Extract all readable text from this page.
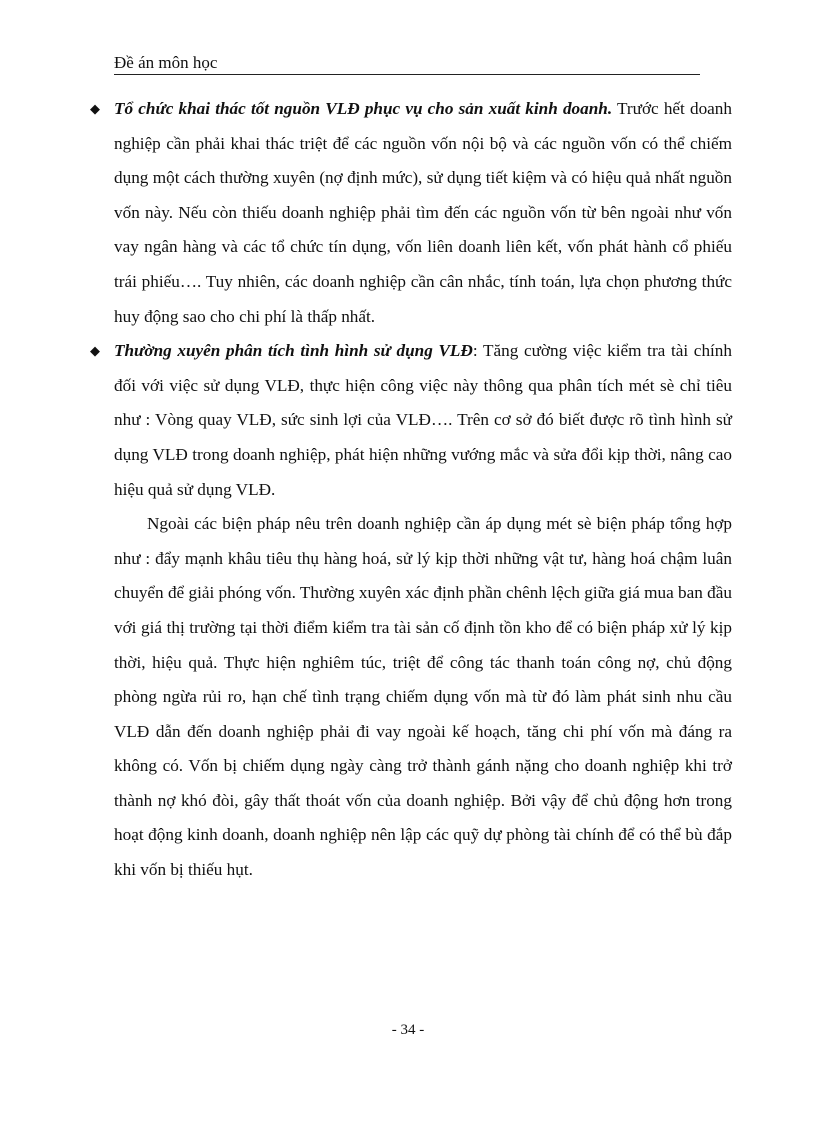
Đề án môn học
◆ Tổ chức khai thác tốt nguồn VLĐ phục vụ cho sản xuất kinh doanh. Trước hết doanh nghiệp cần phải khai thác triệt để các nguồn vốn nội bộ và các nguồn vốn có thể chiếm dụng một cách thường xuyên (nợ định mức), sử dụng tiết kiệm và có hiệu quả nhất nguồn vốn này. Nếu còn thiếu doanh nghiệp phải tìm đến các nguồn vốn từ bên ngoài như vốn vay ngân hàng và các tổ chức tín dụng, vốn liên doanh liên kết, vốn phát hành cổ phiếu trái phiếu…. Tuy nhiên, các doanh nghiệp cần cân nhắc, tính toán, lựa chọn phương thức huy động sao cho chi phí là thấp nhất.
◆ Thường xuyên phân tích tình hình sử dụng VLĐ: Tăng cường việc kiểm tra tài chính đối với việc sử dụng VLĐ, thực hiện công việc này thông qua phân tích mét sè chỉ tiêu như : Vòng quay VLĐ, sức sinh lợi của VLĐ…. Trên cơ sở đó biết được rõ tình hình sử dụng VLĐ trong doanh nghiệp, phát hiện những vướng mắc và sửa đổi kịp thời, nâng cao hiệu quả sử dụng VLĐ.

Ngoài các biện pháp nêu trên doanh nghiệp cần áp dụng mét sè biện pháp tổng hợp như : đẩy mạnh khâu tiêu thụ hàng hoá, sử lý kịp thời những vật tư, hàng hoá chậm luân chuyển để giải phóng vốn. Thường xuyên xác định phần chênh lệch giữa giá mua ban đầu với giá thị trường tại thời điểm kiểm tra tài sản cố định tồn kho để có biện pháp xử lý kịp thời, hiệu quả. Thực hiện nghiêm túc, triệt để công tác thanh toán công nợ, chủ động phòng ngừa rủi ro, hạn chế tình trạng chiếm dụng vốn mà từ đó làm phát sinh nhu cầu VLĐ dẫn đến doanh nghiệp phải đi vay ngoài kế hoạch, tăng chi phí vốn mà đáng ra không có. Vốn bị chiếm dụng ngày càng trở thành gánh nặng cho doanh nghiệp khi trở thành nợ khó đòi, gây thất thoát vốn của doanh nghiệp. Bởi vậy để chủ động hơn trong hoạt động kinh doanh, doanh nghiệp nên lập các quỹ dự phòng tài chính để có thể bù đắp khi vốn bị thiếu hụt.

- 34 -
